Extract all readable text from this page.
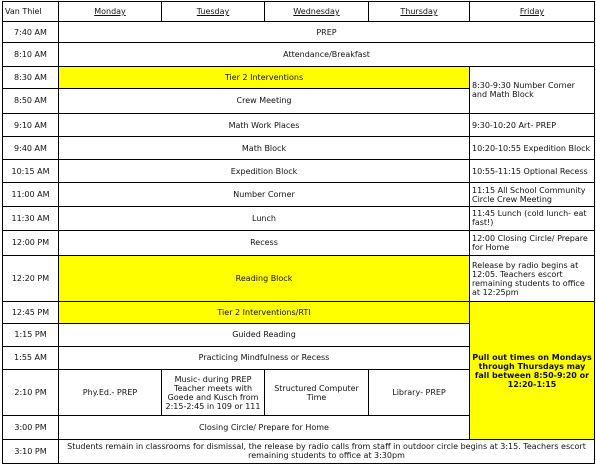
Van Thiel	Monday	Tuesday	Wednesday	Thursday	Friday
7:40 AM	PREP				
8:10 AM	Attendance/Breakfast				
8:30 AM	Tier 2 Interventions				8:30-9:30 Number Corner and Math Block
8:50 AM	Crew Meeting				
9:10 AM	Math Work Places				9:30-10:20 Art- PREP
9:40 AM	Math Block				10:20-10:55 Expedition Block
10:15 AM	Expedition Block				10:55-11:15 Optional Recess
11:00 AM	Number Corner				11:15 All School Community Circle Crew Meeting
11:30 AM	Lunch				11:45 Lunch (cold lunch- eat fast!)
12:00 PM	Recess				12:00 Closing Circle/ Prepare for Home
12:20 PM	Reading Block				Release by radio begins at 12:05. Teachers escort remaining students to office at 12:25pm
12:45 PM	Tier 2 Interventions/RTI				Pull out times on Mondays through Thursdays may fall between 8:50-9:20 or 12:20-1:15
1:15 PM	Guided Reading				
1:55 AM	Practicing Mindfulness or Recess				
2:10 PM	Phy.Ed.- PREP	Music- during PREP Teacher meets with Goede and Kusch from 2:15-2:45 in 109 or 111	Structured Computer Time	Library- PREP	
3:00 PM	Closing Circle/ Prepare for Home				
3:10 PM	Students remain in classrooms for dismissal, the release by radio calls from staff in outdoor circle begins at 3:15. Teachers escort remaining students to office at 3:30pm				
